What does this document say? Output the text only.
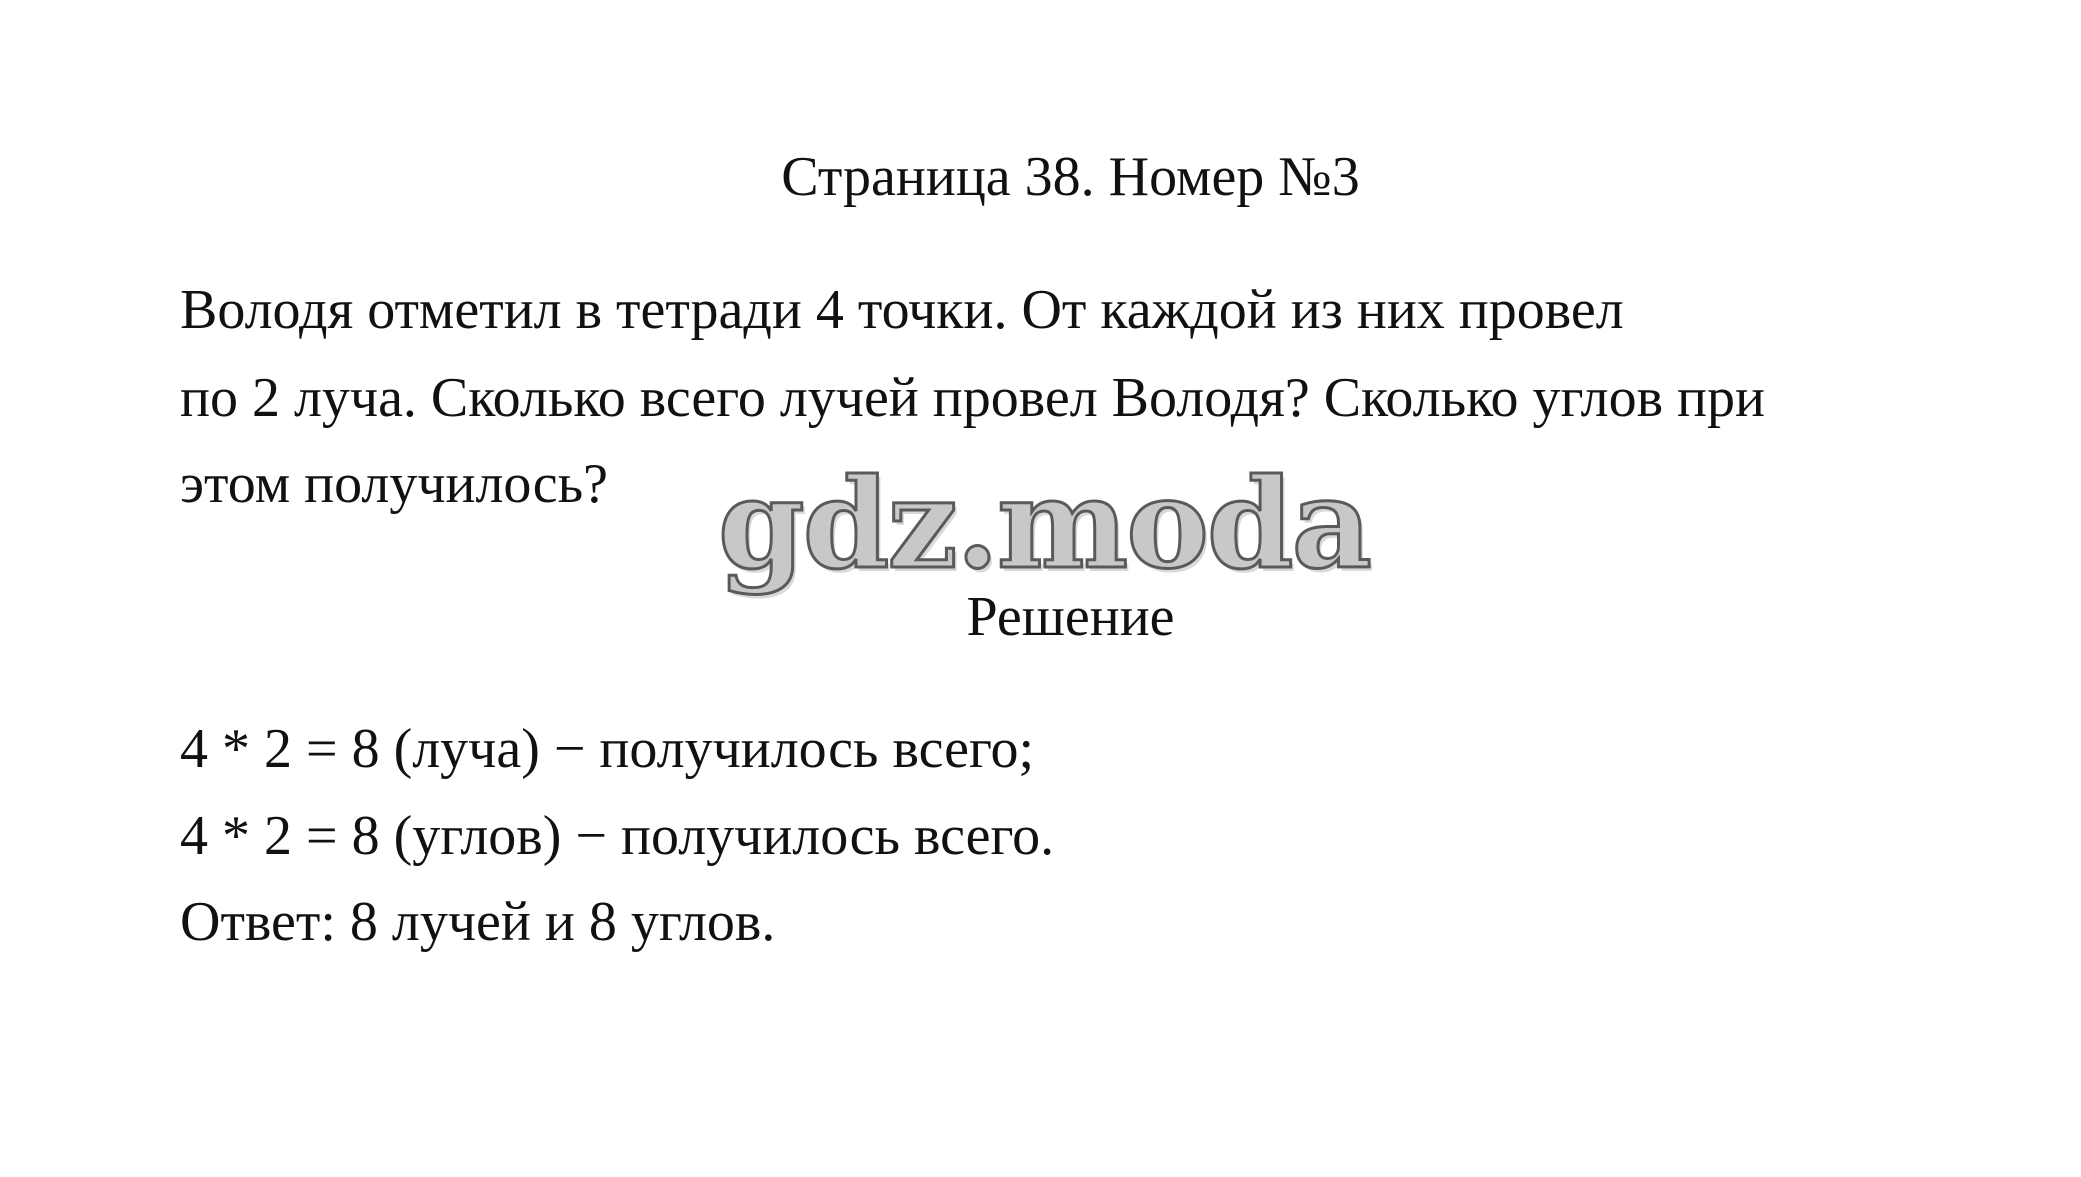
Страница 38. Номер №3
Володя отметил в тетради 4 точки. От каждой из них провел
по 2 луча. Сколько всего лучей провел Володя? Сколько углов при
этом получилось? gdz.moda
Решение
4 * 2 = 8 (луча) − получилось всего;
4 * 2 = 8 (углов) − получилось всего.
Ответ: 8 лучей и 8 углов.
